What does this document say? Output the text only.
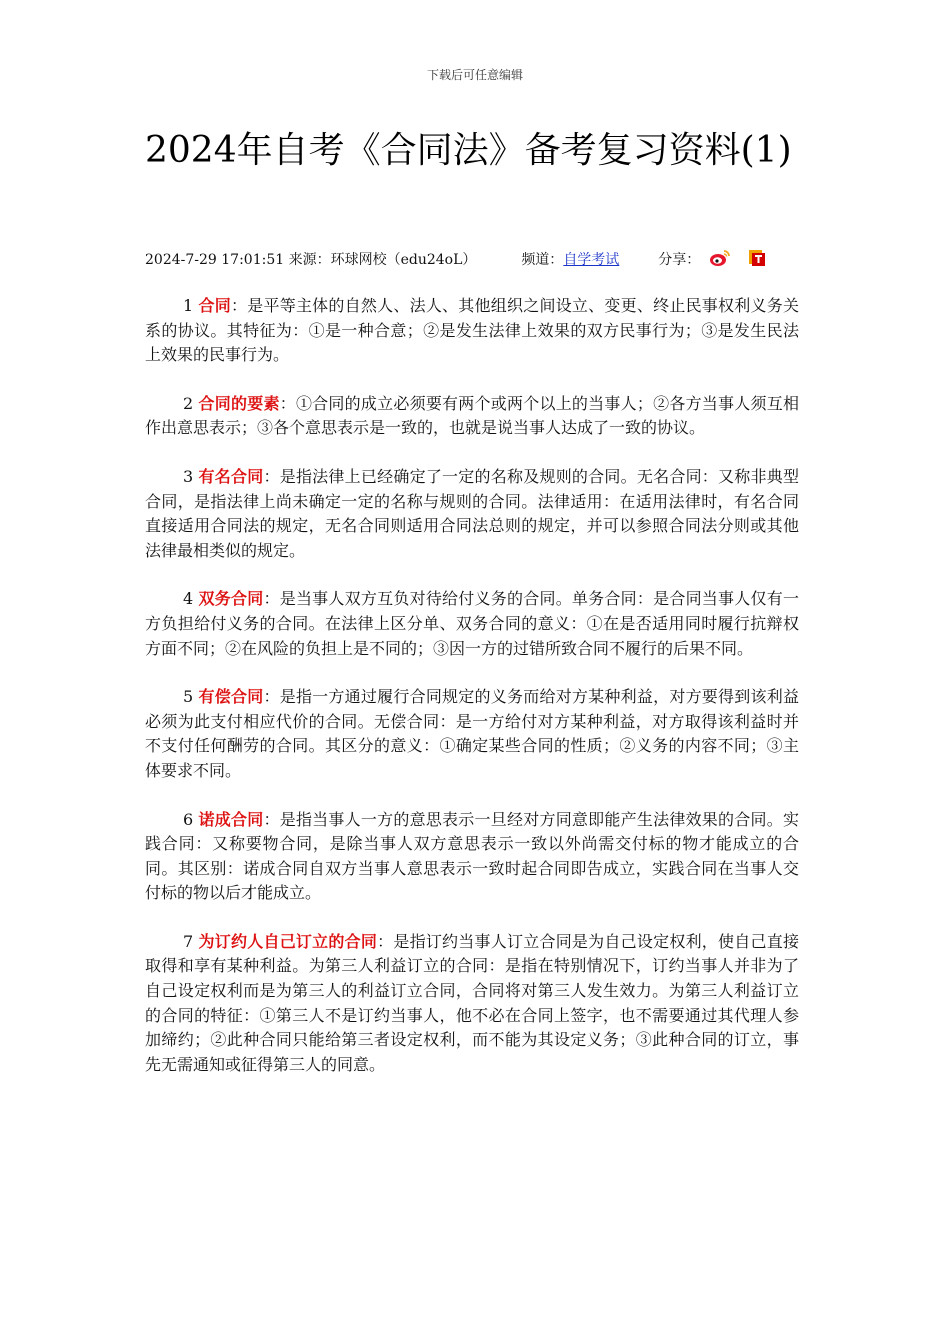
下载后可任意编辑
2024年自考《合同法》备考复习资料(1)
2024-7-29 17:01:51 来源：环球网校（edu24oL）	频道：自学考试	分享：

1 合同：是平等主体的自然人、法人、其他组织之间设立、变更、终止民事权利义务关系的协议。其特征为：①是一种合意；②是发生法律上效果的双方民事行为；③是发生民法上效果的民事行为。

2 合同的要素：①合同的成立必须要有两个或两个以上的当事人；②各方当事人须互相作出意思表示；③各个意思表示是一致的，也就是说当事人达成了一致的协议。

3 有名合同：是指法律上已经确定了一定的名称及规则的合同。无名合同：又称非典型合同，是指法律上尚未确定一定的名称与规则的合同。法律适用：在适用法律时，有名合同直接适用合同法的规定，无名合同则适用合同法总则的规定，并可以参照合同法分则或其他法律最相类似的规定。

4 双务合同：是当事人双方互负对待给付义务的合同。单务合同：是合同当事人仅有一方负担给付义务的合同。在法律上区分单、双务合同的意义：①在是否适用同时履行抗辩权方面不同；②在风险的负担上是不同的；③因一方的过错所致合同不履行的后果不同。

5 有偿合同：是指一方通过履行合同规定的义务而给对方某种利益，对方要得到该利益必须为此支付相应代价的合同。无偿合同：是一方给付对方某种利益，对方取得该利益时并不支付任何酬劳的合同。其区分的意义：①确定某些合同的性质；②义务的内容不同；③主体要求不同。

6 诺成合同：是指当事人一方的意思表示一旦经对方同意即能产生法律效果的合同。实践合同：又称要物合同，是除当事人双方意思表示一致以外尚需交付标的物才能成立的合同。其区别：诺成合同自双方当事人意思表示一致时起合同即告成立，实践合同在当事人交付标的物以后才能成立。

7 为订约人自己订立的合同：是指订约当事人订立合同是为自己设定权利，使自己直接取得和享有某种利益。为第三人利益订立的合同：是指在特别情况下，订约当事人并非为了自己设定权利而是为第三人的利益订立合同，合同将对第三人发生效力。为第三人利益订立的合同的特征：①第三人不是订约当事人，他不必在合同上签字，也不需要通过其代理人参加缔约；②此种合同只能给第三者设定权利，而不能为其设定义务；③此种合同的订立，事先无需通知或征得第三人的同意。
